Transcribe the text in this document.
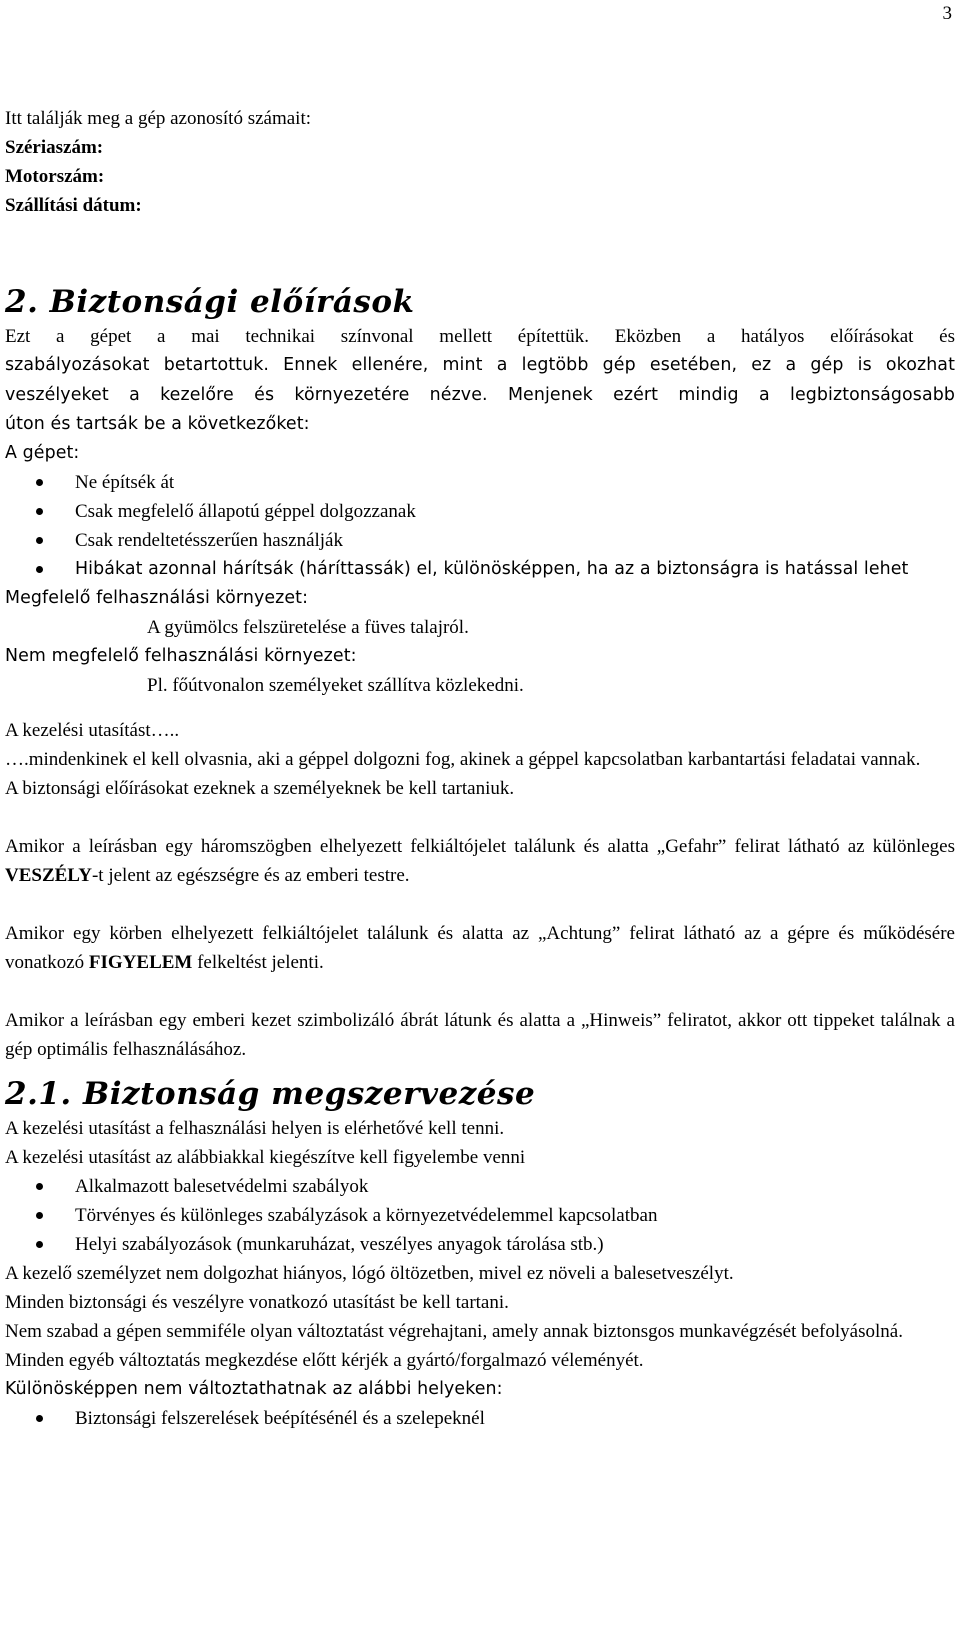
3

Itt találják meg a gép azonosító számait:

Szériaszám:

Motorszám:

Szállítási dátum:

2. Biztonsági előírások

Ezt a gépet a mai technikai színvonal mellett építettük. Eközben a hatályos előírásokat és

szabályozásokat betartottuk. Ennek ellenére, mint a legtöbb gép esetében, ez a gép is okozhat

veszélyeket a kezelőre és környezetére nézve. Menjenek ezért mindig a legbiztonságosabb

úton és tartsák be a következőket:

A gépet:

Ne építsék át
Csak megfelelő állapotú géppel dolgozzanak
Csak rendeltetésszerűen használják
Hibákat azonnal hárítsák (háríttassák) el, különösképpen, ha az a biztonságra is hatással lehet

Megfelelő felhasználási környezet:

A gyümölcs felszüretelése a füves talajról.

Nem megfelelő felhasználási környezet:

Pl. főútvonalon személyeket szállítva közlekedni.

A kezelési utasítást…..

….mindenkinek el kell olvasnia, aki a géppel dolgozni fog, akinek a géppel kapcsolatban karbantartási feladatai vannak.

A biztonsági előírásokat ezeknek a személyeknek be kell tartaniuk.

Amikor a leírásban egy háromszögben elhelyezett felkiáltójelet találunk és alatta „Gefahr” felirat látható az különleges VESZÉLY-t jelent az egészségre és az emberi testre.

Amikor egy körben elhelyezett felkiáltójelet találunk és alatta az „Achtung” felirat látható az a gépre és működésére vonatkozó FIGYELEM felkeltést jelenti.

Amikor a leírásban egy emberi kezet szimbolizáló ábrát látunk és alatta a „Hinweis” feliratot, akkor ott tippeket találnak a gép optimális felhasználásához.

2.1. Biztonság megszervezése

A kezelési utasítást a felhasználási helyen is elérhetővé kell tenni.

A kezelési utasítást az alábbiakkal kiegészítve kell figyelembe venni

Alkalmazott balesetvédelmi szabályok
Törvényes és különleges szabályzások a környezetvédelemmel kapcsolatban
Helyi szabályozások (munkaruházat, veszélyes anyagok tárolása stb.)

A kezelő személyzet nem dolgozhat hiányos, lógó öltözetben, mivel ez növeli a balesetveszélyt.

Minden biztonsági és veszélyre vonatkozó utasítást be kell tartani.

Nem szabad a gépen semmiféle olyan változtatást végrehajtani, amely annak biztonsgos munkavégzését befolyásolná.

Minden egyéb változtatás megkezdése előtt kérjék a gyártó/forgalmazó véleményét.

Különösképpen nem változtathatnak az alábbi helyeken:

Biztonsági felszerelések beépítésénél és a szelepeknél
